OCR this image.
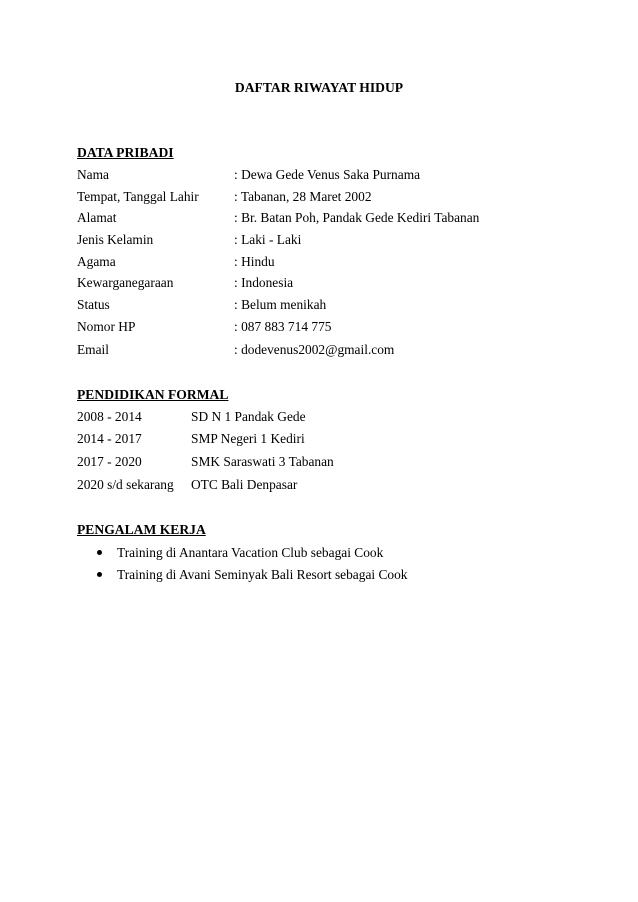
DAFTAR RIWAYAT HIDUP
DATA PRIBADI
Nama	: Dewa Gede Venus Saka Purnama
Tempat, Tanggal Lahir	: Tabanan, 28 Maret 2002
Alamat	: Br. Batan Poh, Pandak Gede Kediri Tabanan
Jenis Kelamin	: Laki - Laki
Agama	: Hindu
Kewarganegaraan	: Indonesia
Status	: Belum menikah
Nomor HP	: 087 883 714 775
Email	: dodevenus2002@gmail.com
PENDIDIKAN FORMAL
2008 - 2014	SD N 1 Pandak Gede
2014 - 2017	SMP Negeri 1 Kediri
2017 - 2020	SMK Saraswati 3 Tabanan
2020 s/d sekarang OTC Bali Denpasar
PENGALAM KERJA
Training di Anantara Vacation Club sebagai Cook
Training di Avani Seminyak Bali Resort sebagai Cook
